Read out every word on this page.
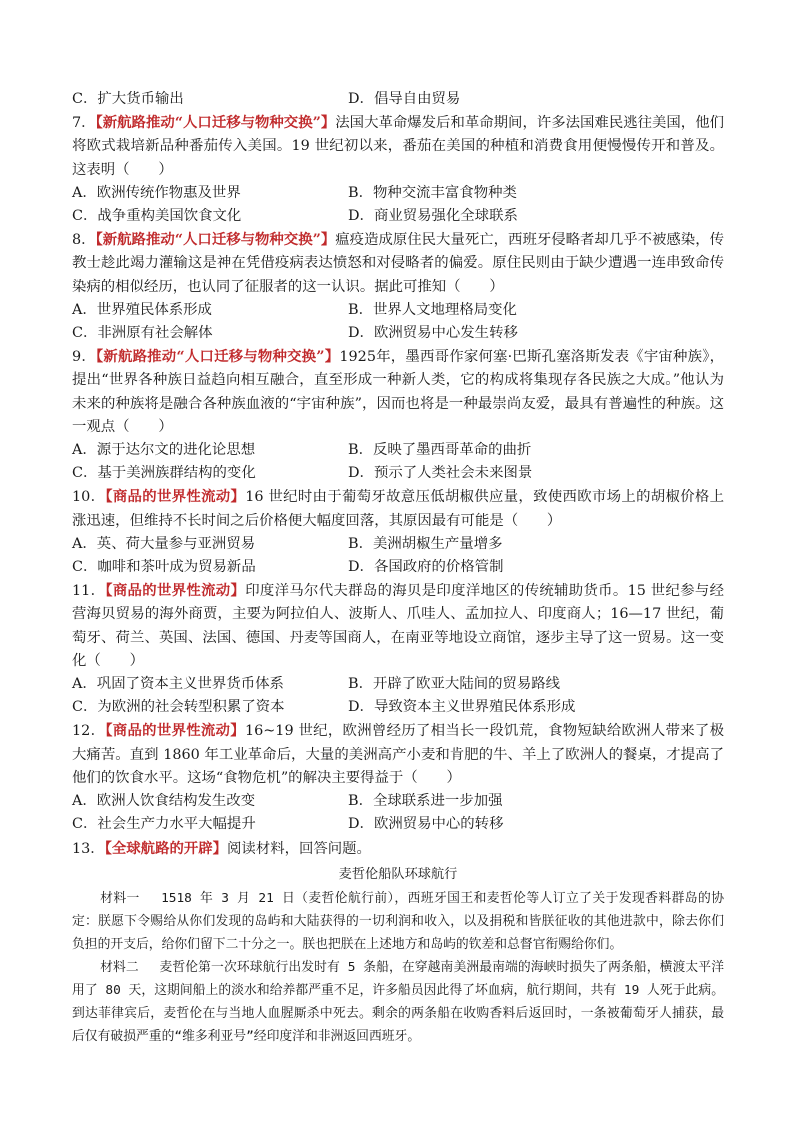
C．扩大货币输出	D．倡导自由贸易
7．【新航路推动“人口迁移与物种交换”】法国大革命爆发后和革命期间，许多法国难民逃往美国，他们将欧式栽培新品种番茄传入美国。19 世纪初以来，番茄在美国的种植和消费食用便慢慢传开和普及。这表明（　　）
A．欧洲传统作物惠及世界	B．物种交流丰富食物种类
C．战争重构美国饮食文化	D．商业贸易强化全球联系
8．【新航路推动“人口迁移与物种交换”】瘟疫造成原住民大量死亡，西班牙侵略者却几乎不被感染，传教士趁此竭力灌输这是神在凭借疫病表达愤怒和对侵略者的偏爱。原住民则由于缺少遭遇一连串致命传染病的相似经历，也认同了征服者的这一认识。据此可推知（　　）
A．世界殖民体系形成	B．世界人文地理格局变化
C．非洲原有社会解体	D．欧洲贸易中心发生转移
9．【新航路推动“人口迁移与物种交换”】1925年，墨西哥作家何塞·巴斯孔塞洛斯发表《宇宙种族》，提出“世界各种族日益趋向相互融合，直至形成一种新人类，它的构成将集现存各民族之大成。”他认为未来的种族将是融合各种族血液的“宇宙种族”，因而也将是一种最崇尚友爱，最具有普遍性的种族。这一观点（　　）
A．源于达尔文的进化论思想	B．反映了墨西哥革命的曲折
C．基于美洲族群结构的变化	D．预示了人类社会未来图景
10．【商品的世界性流动】16 世纪时由于葡萄牙故意压低胡椒供应量，致使西欧市场上的胡椒价格上涨迅速，但维持不长时间之后价格便大幅度回落，其原因最有可能是（　　）
A．英、荷大量参与亚洲贸易	B．美洲胡椒生产量增多
C．咖啡和茶叶成为贸易新品	D．各国政府的价格管制
11．【商品的世界性流动】印度洋马尔代夫群岛的海贝是印度洋地区的传统辅助货币。15 世纪参与经营海贝贸易的海外商贾，主要为阿拉伯人、波斯人、爪哇人、孟加拉人、印度商人；16—17 世纪，葡萄牙、荷兰、英国、法国、德国、丹麦等国商人，在南亚等地设立商馆，逐步主导了这一贸易。这一变化（　　）
A．巩固了资本主义世界货币体系	B．开辟了欧亚大陆间的贸易路线
C．为欧洲的社会转型积累了资本	D．导致资本主义世界殖民体系形成
12．【商品的世界性流动】16~19 世纪，欧洲曾经历了相当长一段饥荒，食物短缺给欧洲人带来了极大痛苦。直到 1860 年工业革命后，大量的美洲高产小麦和肯肥的牛、羊上了欧洲人的餐桌，才提高了他们的饮食水平。这场“食物危机”的解决主要得益于（　　）
A．欧洲人饮食结构发生改变	B．全球联系进一步加强
C．社会生产力水平大幅提升	D．欧洲贸易中心的转移
13．【全球航路的开辟】阅读材料，回答问题。
麦哲伦船队环球航行
材料一　 1518 年 3 月 21 日（麦哲伦航行前），西班牙国王和麦哲伦等人订立了关于发现香料群岛的协定：朕愿下令赐给从你们发现的岛屿和大陆获得的一切利润和收入，以及捐税和皆朕征收的其他进款中，除去你们负担的开支后，给你们留下二十分之一。朕也把朕在上述地方和岛屿的钦差和总督官衔赐给你们。
材料二　 麦哲伦第一次环球航行出发时有 5 条船，在穿越南美洲最南端的海峡时损失了两条船，横渡太平洋用了 80 天，这期间船上的淡水和给养都严重不足，许多船员因此得了坏血病，航行期间，共有 19 人死于此病。到达菲律宾后，麦哲伦在与当地人血腥厮杀中死去。剩余的两条船在收购香料后返回时，一条被葡萄牙人捕获，最后仅有破损严重的“维多利亚号”经印度洋和非洲返回西班牙。
